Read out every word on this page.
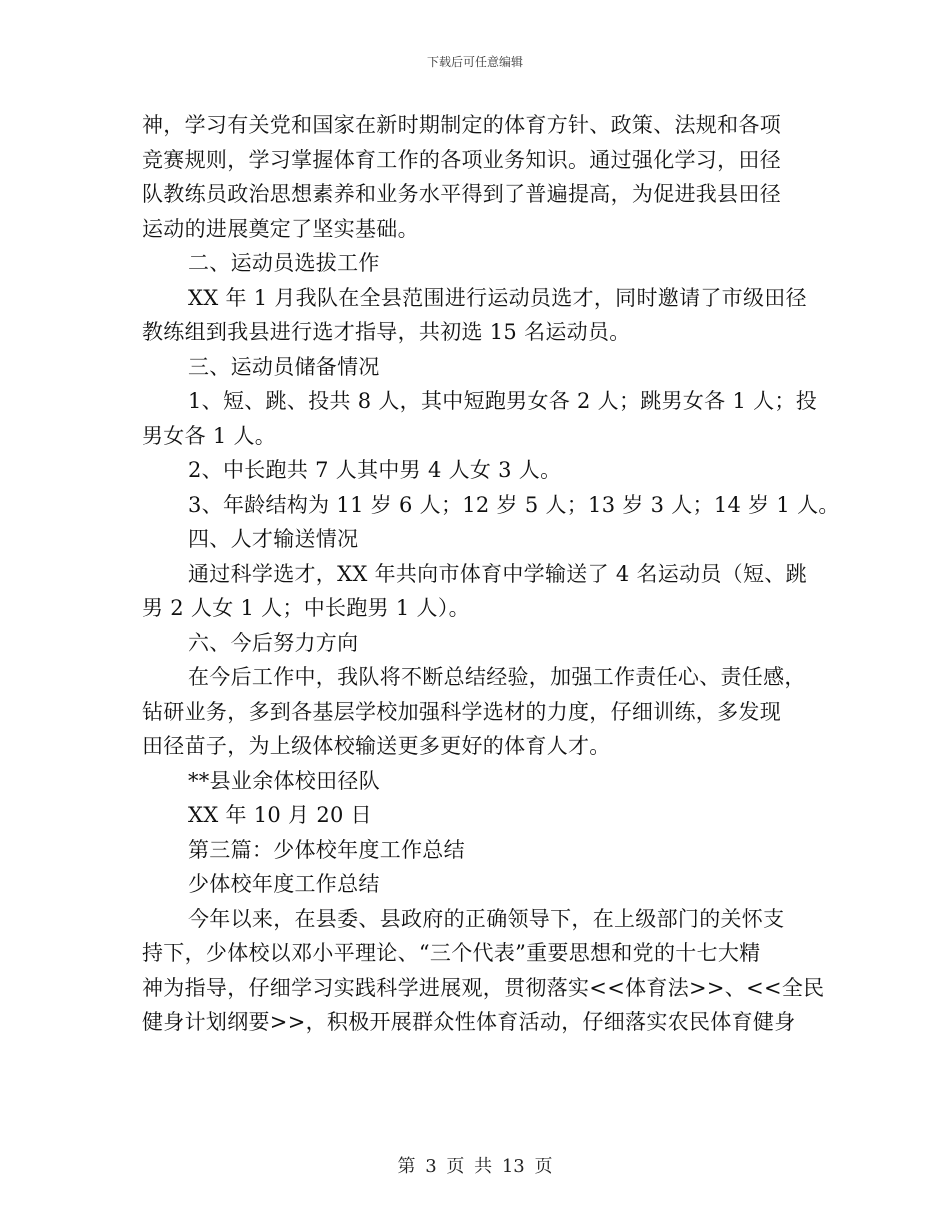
下载后可任意编辑

神，学习有关党和国家在新时期制定的体育方针、政策、法规和各项

竞赛规则，学习掌握体育工作的各项业务知识。通过强化学习，田径

队教练员政治思想素养和业务水平得到了普遍提高，为促进我县田径

运动的进展奠定了坚实基础。

二、运动员选拔工作

XX 年 1 月我队在全县范围进行运动员选才，同时邀请了市级田径

教练组到我县进行选才指导，共初选 15 名运动员。

三、运动员储备情况

1、短、跳、投共 8 人，其中短跑男女各 2 人；跳男女各 1 人；投

男女各 1 人。

2、中长跑共 7 人其中男 4 人女 3 人。

3、年龄结构为 11 岁 6 人；12 岁 5 人；13 岁 3 人；14 岁 1 人。

四、人才输送情况

通过科学选才，XX 年共向市体育中学输送了 4 名运动员（短、跳

男 2 人女 1 人；中长跑男 1 人）。

六、今后努力方向

在今后工作中，我队将不断总结经验，加强工作责任心、责任感，

钻研业务，多到各基层学校加强科学选材的力度，仔细训练，多发现

田径苗子，为上级体校输送更多更好的体育人才。

**县业余体校田径队

XX 年 10 月 20 日

第三篇：少体校年度工作总结

少体校年度工作总结

今年以来，在县委、县政府的正确领导下，在上级部门的关怀支

持下，少体校以邓小平理论、“三个代表”重要思想和党的十七大精

神为指导，仔细学习实践科学进展观，贯彻落实<<体育法>>、<<全民

健身计划纲要>>，积极开展群众性体育活动，仔细落实农民体育健身

第 3 页 共 13 页
